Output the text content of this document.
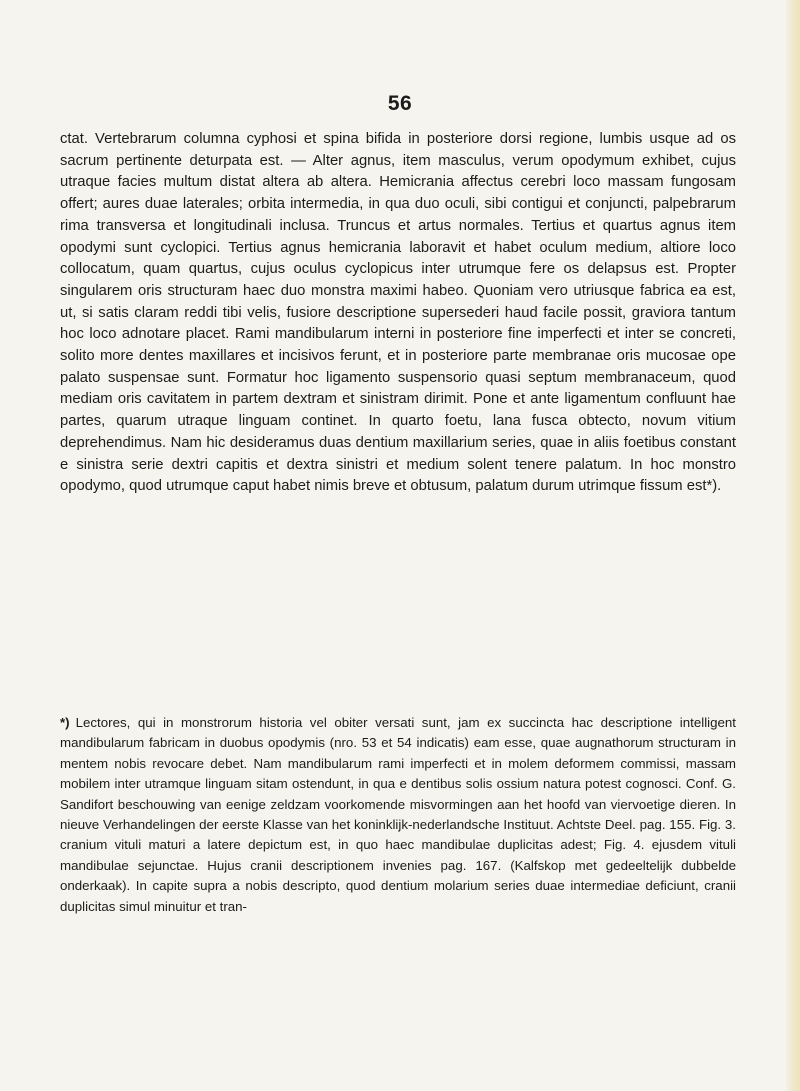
56
ctat. Vertebrarum columna cyphosi et spina bifida in posteriore dorsi regione, lumbis usque ad os sacrum pertinente deturpata est. — Alter agnus, item masculus, verum opodymum exhibet, cujus utraque facies multum distat altera ab altera. Hemicrania affectus cerebri loco massam fungosam offert; aures duae laterales; orbita intermedia, in qua duo oculi, sibi contigui et conjuncti, palpebrarum rima transversa et longitudinali inclusa. Truncus et artus normales. Tertius et quartus agnus item opodymi sunt cyclopici. Tertius agnus hemicrania laboravit et habet oculum medium, altiore loco collocatum, quam quartus, cujus oculus cyclopicus inter utrumque fere os delapsus est. Propter singularem oris structuram haec duo monstra maximi habeo. Quoniam vero utriusque fabrica ea est, ut, si satis claram reddi tibi velis, fusiore descriptione supersederi haud facile possit, graviora tantum hoc loco adnotare placet. Rami mandibularum interni in posteriore fine imperfecti et inter se concreti, solito more dentes maxillares et incisivos ferunt, et in posteriore parte membranae oris mucosae ope palato suspensae sunt. Formatur hoc ligamento suspensorio quasi septum membranaceum, quod mediam oris cavitatem in partem dextram et sinistram dirimit. Pone et ante ligamentum confluunt hae partes, quarum utraque linguam continet. In quarto foetu, lana fusca obtecto, novum vitium deprehendimus. Nam hic desideramus duas dentium maxillarium series, quae in aliis foetibus constant e sinistra serie dextri capitis et dextra sinistri et medium solent tenere palatum. In hoc monstro opodymo, quod utrumque caput habet nimis breve et obtusum, palatum durum utrimque fissum est*).
*) Lectores, qui in monstrorum historia vel obiter versati sunt, jam ex succincta hac descriptione intelligent mandibularum fabricam in duobus opodymis (nro. 53 et 54 indicatis) eam esse, quae augnathorum structuram in mentem nobis revocare debet. Nam mandibularum rami imperfecti et in molem deformem commissi, massam mobilem inter utramque linguam sitam ostendunt, in qua e dentibus solis ossium natura potest cognosci. Conf. G. Sandifort beschouwing van eenige zeldzam voorkomende misvormingen aan het hoofd van viervoetige dieren. In nieuve Verhandelingen der eerste Klasse van het koninklijk-nederlandsche Instituut. Achtste Deel. pag. 155. Fig. 3. cranium vituli maturi a latere depictum est, in quo haec mandibulae duplicitas adest; Fig. 4. ejusdem vituli mandibulae sejunctae. Hujus cranii descriptionem invenies pag. 167. (Kalfskop met gedeeltelijk dubbelde onderkaak). In capite supra a nobis descripto, quod dentium molarium series duae intermediae deficiunt, cranii duplicitas simul minuitur et tran-
